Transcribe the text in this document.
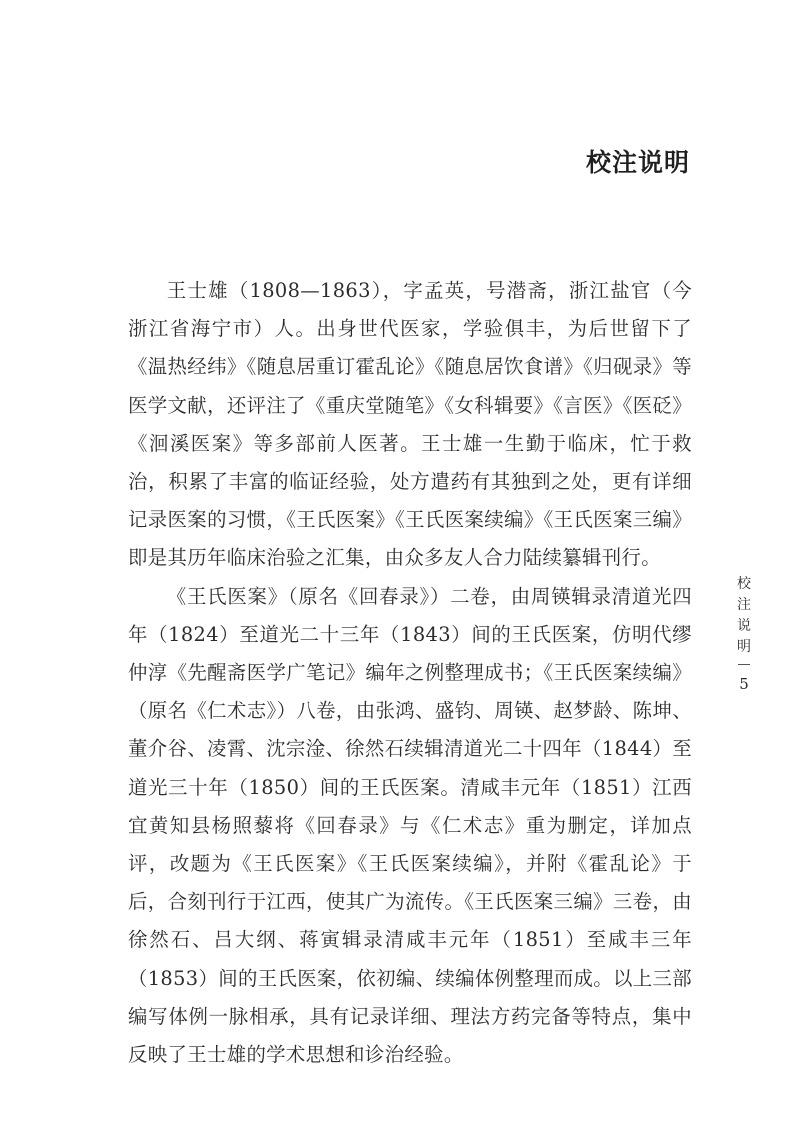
校注说明

王士雄（1808—1863），字孟英，号潜斋，浙江盐官（今浙江省海宁市）人。出身世代医家，学验俱丰，为后世留下了《温热经纬》《随息居重订霍乱论》《随息居饮食谱》《归砚录》等医学文献，还评注了《重庆堂随笔》《女科辑要》《言医》《医砭》《洄溪医案》等多部前人医著。王士雄一生勤于临床，忙于救治，积累了丰富的临证经验，处方遣药有其独到之处，更有详细记录医案的习惯，《王氏医案》《王氏医案续编》《王氏医案三编》即是其历年临床治验之汇集，由众多友人合力陆续纂辑刊行。

《王氏医案》（原名《回春录》）二卷，由周锳辑录清道光四年（1824）至道光二十三年（1843）间的王氏医案，仿明代缪仲淳《先醒斋医学广笔记》编年之例整理成书；《王氏医案续编》（原名《仁术志》）八卷，由张鸿、盛钧、周锳、赵梦龄、陈坤、董介谷、凌霄、沈宗淦、徐然石续辑清道光二十四年（1844）至道光三十年（1850）间的王氏医案。清咸丰元年（1851）江西宜黄知县杨照藜将《回春录》与《仁术志》重为删定，详加点评，改题为《王氏医案》《王氏医案续编》，并附《霍乱论》于后，合刻刊行于江西，使其广为流传。《王氏医案三编》三卷，由徐然石、吕大纲、蒋寅辑录清咸丰元年（1851）至咸丰三年（1853）间的王氏医案，依初编、续编体例整理而成。以上三部编写体例一脉相承，具有记录详细、理法方药完备等特点，集中反映了王士雄的学术思想和诊治经验。

校
注
说
明
5
